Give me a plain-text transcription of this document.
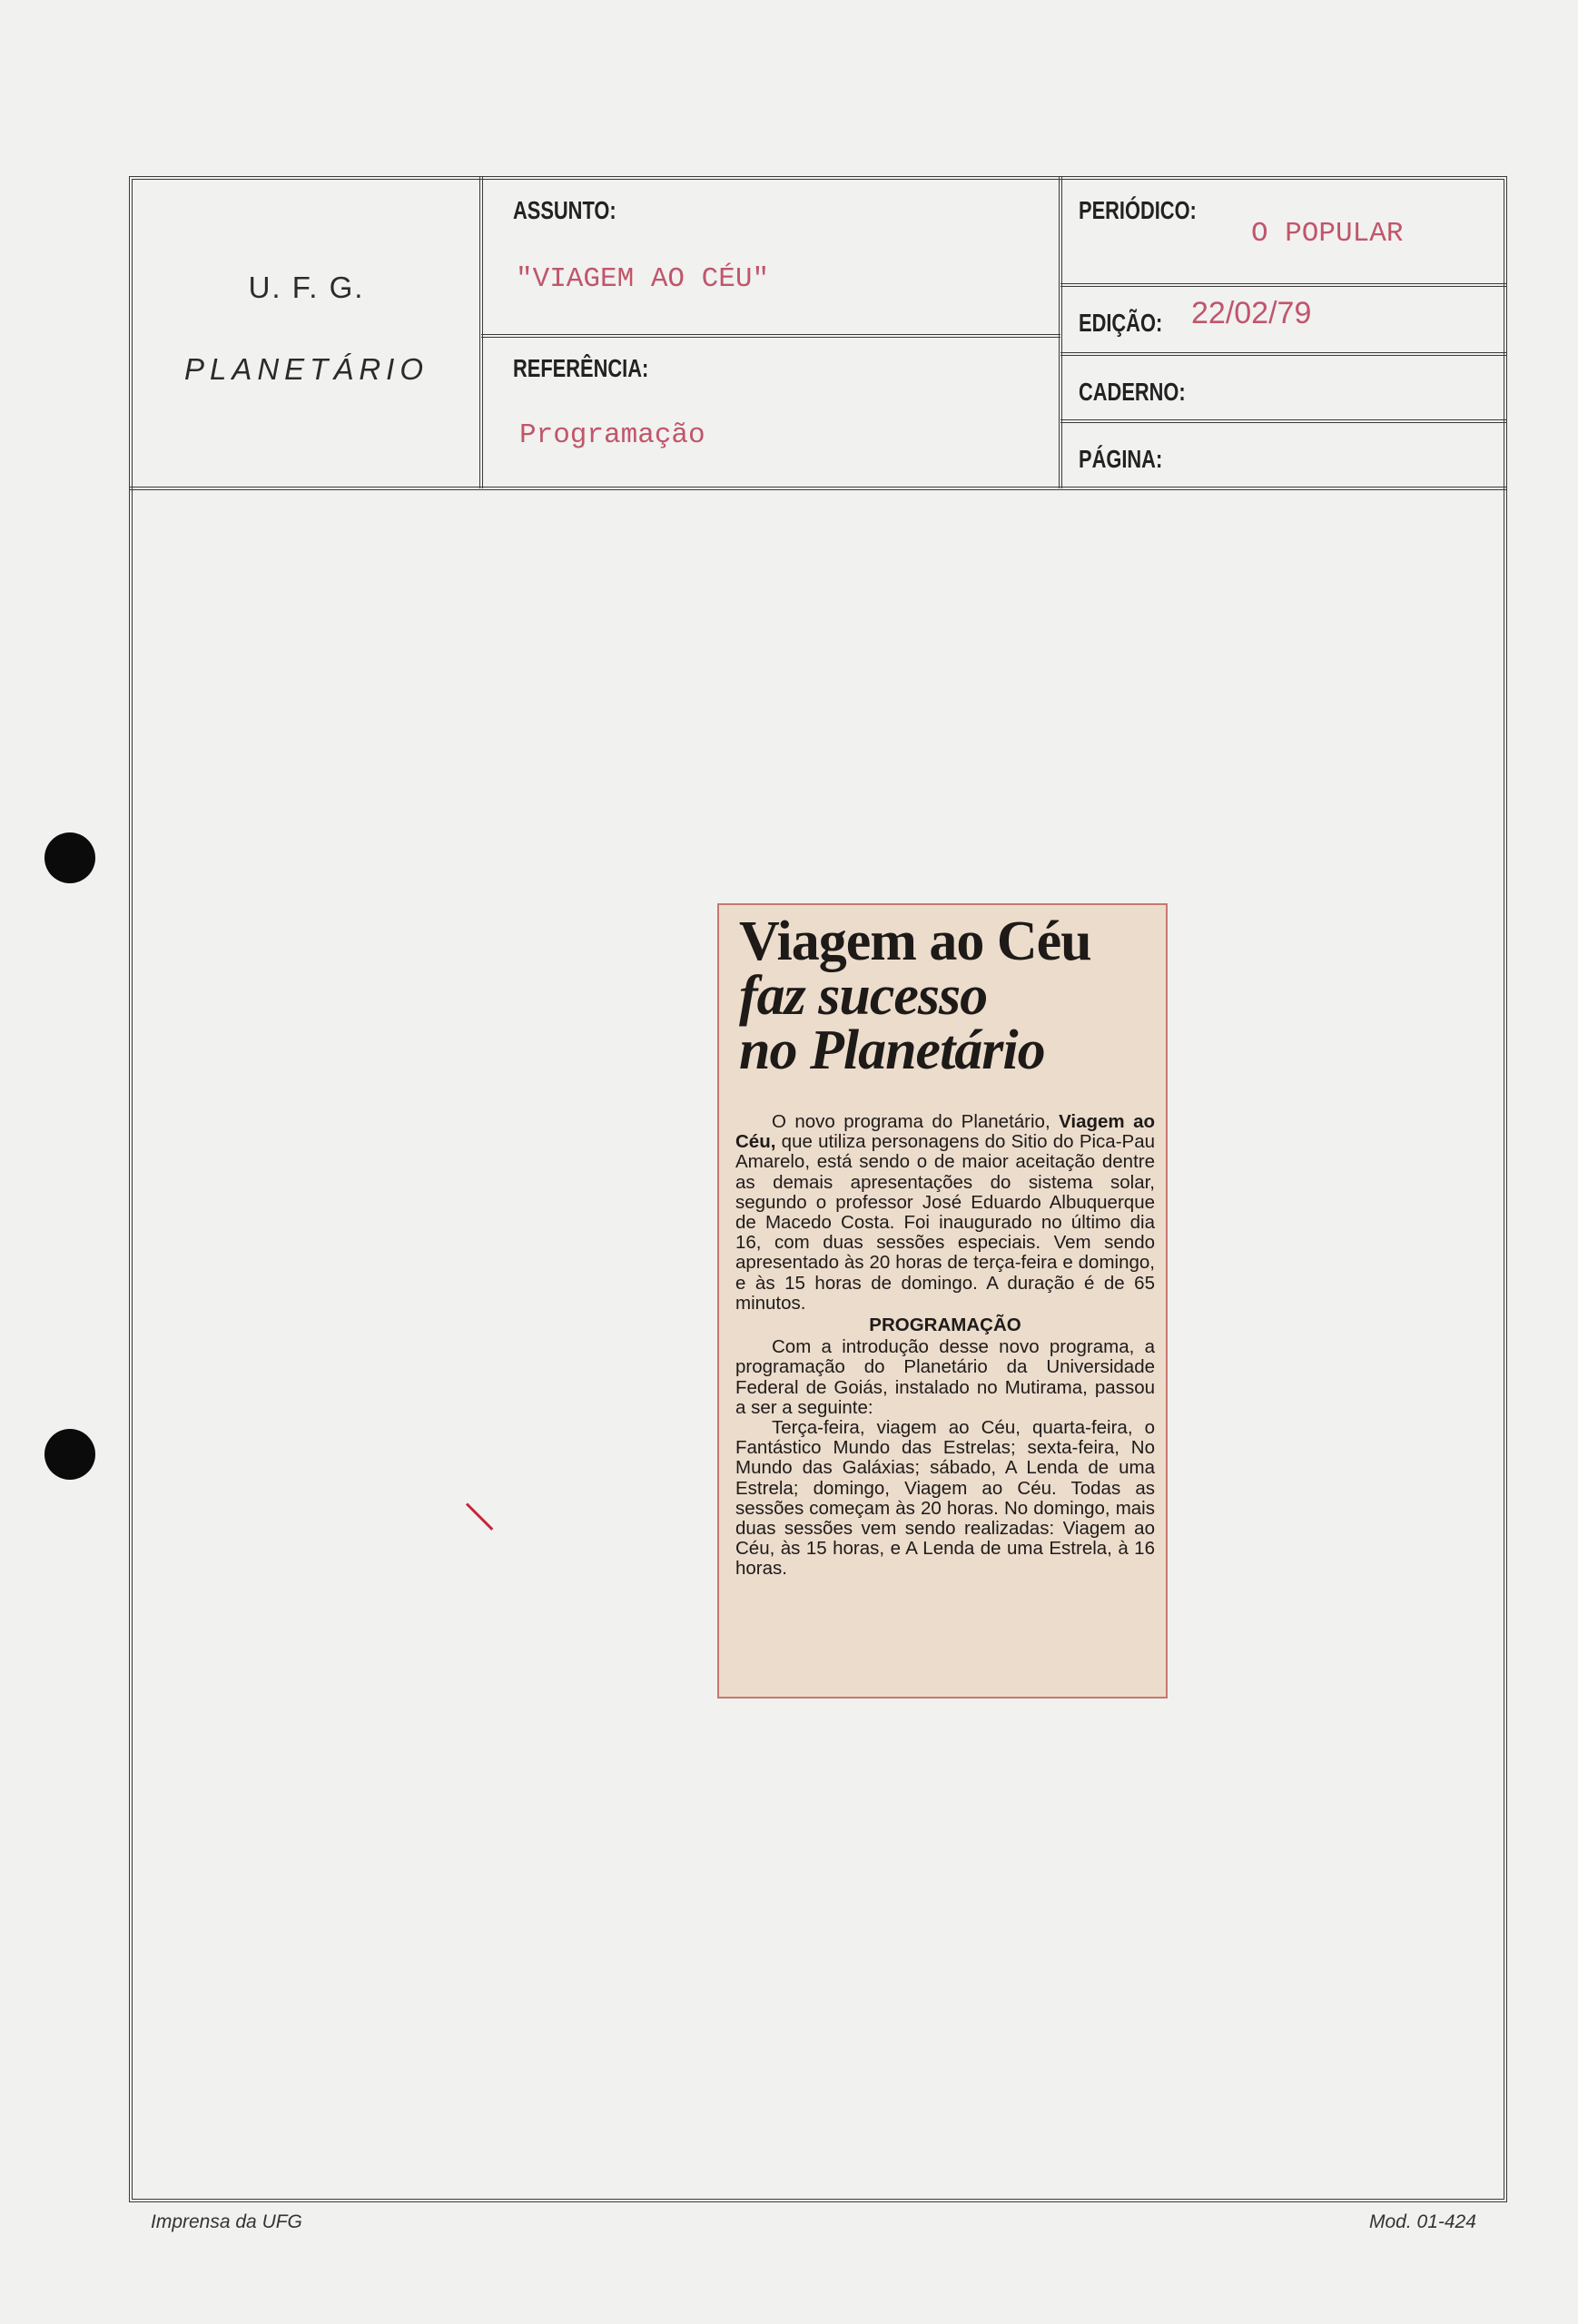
U. F. G.
PLANETÁRIO
ASSUNTO:
"VIAGEM AO CÉU"
REFERÊNCIA:
Programação
PERIÓDICO:
O POPULAR
EDIÇÃO: 22/02/79
CADERNO:
PÁGINA:
Viagem ao Céu
faz sucesso
no Planetário

O novo programa do Planetário, Viagem ao Céu, que utiliza personagens do Sitio do Pica-Pau Amarelo, está sendo o de maior aceitação dentre as demais apresentações do sistema solar, segundo o professor José Eduardo Albuquerque de Macedo Costa. Foi inaugurado no último dia 16, com duas sessões especiais. Vem sendo apresentado às 20 horas de terça-feira e domingo, e às 15 horas de domingo. A duração é de 65 minutos.

PROGRAMAÇÃO

Com a introdução desse novo programa, a programação do Planetário da Universidade Federal de Goiás, instalado no Mutirama, passou a ser a seguinte:

Terça-feira, viagem ao Céu, quarta-feira, o Fantástico Mundo das Estrelas; sexta-feira, No Mundo das Galáxias; sábado, A Lenda de uma Estrela; domingo, Viagem ao Céu. Todas as sessões começam às 20 horas. No domingo, mais duas sessões vem sendo realizadas: Viagem ao Céu, às 15 horas, e A Lenda de uma Estrela, à 16 horas.

Imprensa da UFG	Mod. 01-424
